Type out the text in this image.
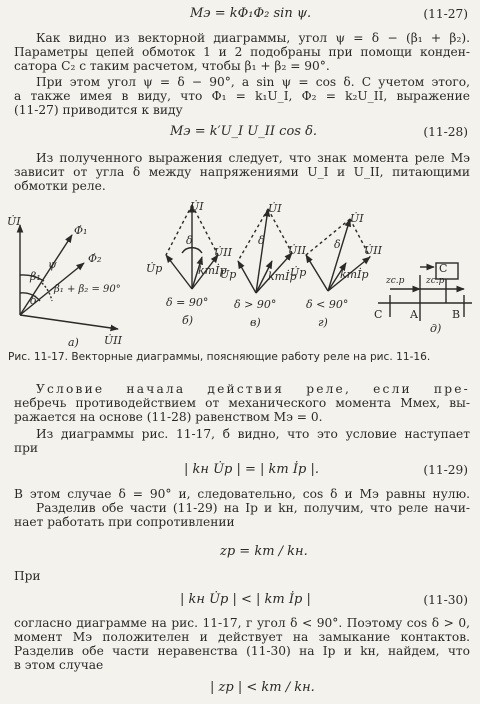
Mэ = kΦ₁Φ₂ sin ψ.	(11-27)
Как видно из векторной диаграммы, угол ψ = δ − (β₁ + β₂).
Параметры цепей обмоток 1 и 2 подобраны при помощи конден-
сатора C₂ с таким расчетом, чтобы β₁ + β₂ = 90°.
При этом угол ψ = δ − 90°, а sin ψ = cos δ. С учетом этого,
а также имея в виду, что Φ₁ = k₁U_I, Φ₂ = k₂U_II, выражение
(11-27) приводится к виду
Mэ = k′U_I U_II cos δ.	(11-28)
Из полученного выражения следует, что знак момента реле Mэ
зависит от угла δ между напряжениями U_I и U_II, питающими
обмотки реле.
U̇I
Φ̇₁
Φ̇₂
ψ
β₁
δ
β₁ + β₂ = 90°
U̇II
а)
U̇I
δ
U̇II
U̇р	kтİр
δ = 90°
б)
U̇I
δ
U̇II
U̇р	kтİр
δ > 90°
в)
U̇I
δ U̇II
U̇р	kтİр
δ < 90°
г)
C
zс.р zс.р
C	A	B
д)
Рис. 11-17. Векторные диаграммы, поясняющие работу реле на рис. 11-16.
Условие начала действия реле, если пре-
небречь противодействием от механического момента Mмех, вы-
ражается на основе (11-28) равенством Mэ = 0.
Из диаграммы рис. 11-17, б видно, что это условие наступает
при
| kн U̇р | = | kт İр |.	(11-29)
В этом случае δ = 90° и, следовательно, cos δ и Mэ равны нулю.
Разделив обе части (11-29) на Iр и kн, получим, что реле начи-
нает работать при сопротивлении
zр = kт / kн.
При
| kн U̇р | < | kт İр |	(11-30)
согласно диаграмме на рис. 11-17, г угол δ < 90°. Поэтому cos δ > 0,
момент Mэ положителен и действует на замыкание контактов.
Разделив обе части неравенства (11-30) на Iр и kн, найдем, что
в этом случае
| zр | < kт / kн.
